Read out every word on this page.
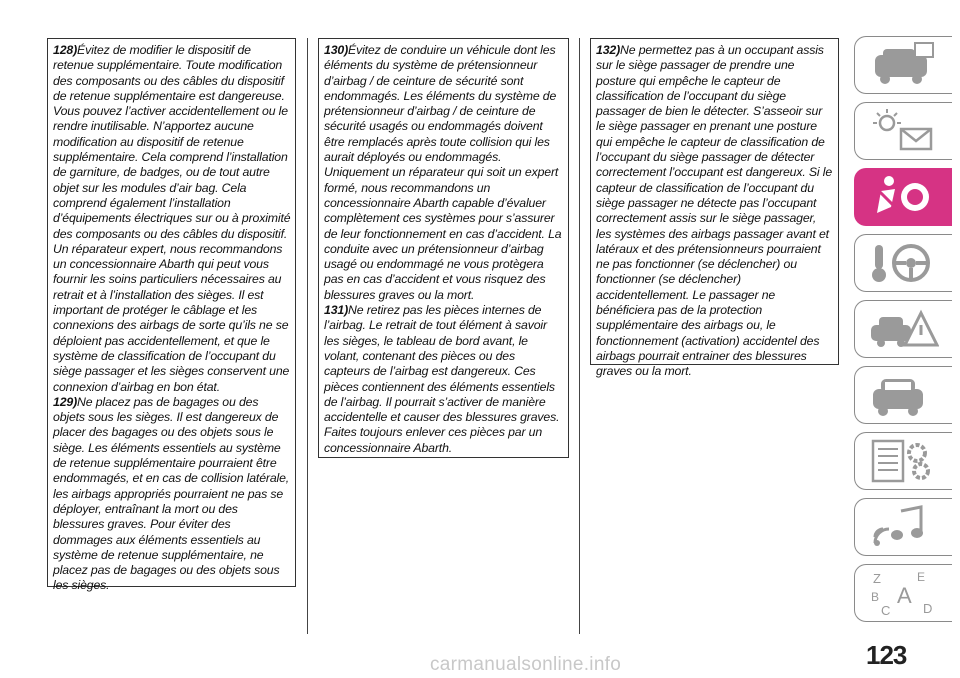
128)Évitez de modifier le dispositif de retenue supplémentaire. Toute modification des composants ou des câbles du dispositif de retenue supplémentaire est dangereuse. Vous pouvez l’activer accidentellement ou le rendre inutilisable. N’apportez aucune modification au dispositif de retenue supplémentaire. Cela comprend l’installation de garniture, de badges, ou de tout autre objet sur les modules d’air bag. Cela comprend également l’installation d’équipements électriques sur ou à proximité des composants ou des câbles du dispositif. Un réparateur expert, nous recommandons un concessionnaire Abarth qui peut vous fournir les soins particuliers nécessaires au retrait et à l’installation des sièges. Il est important de protéger le câblage et les connexions des airbags de sorte qu’ils ne se déploient pas accidentellement, et que le système de classification de l’occupant du siège passager et les sièges conservent une connexion d’airbag en bon état.

129)Ne placez pas de bagages ou des objets sous les sièges. Il est dangereux de placer des bagages ou des objets sous le siège. Les éléments essentiels au système de retenue supplémentaire pourraient être endommagés, et en cas de collision latérale, les airbags appropriés pourraient ne pas se déployer, entraînant la mort ou des blessures graves. Pour éviter des dommages aux éléments essentiels au système de retenue supplémentaire, ne placez pas de bagages ou des objets sous les sièges.

130)Évitez de conduire un véhicule dont les éléments du système de prétensionneur d’airbag / de ceinture de sécurité sont endommagés. Les éléments du système de prétensionneur d’airbag / de ceinture de sécurité usagés ou endommagés doivent être remplacés après toute collision qui les aurait déployés ou endommagés. Uniquement un réparateur qui soit un expert formé, nous recommandons un concessionnaire Abarth capable d’évaluer complètement ces systèmes pour s’assurer de leur fonctionnement en cas d’accident. La conduite avec un prétensionneur d’airbag usagé ou endommagé ne vous protègera pas en cas d’accident et vous risquez des blessures graves ou la mort.

131)Ne retirez pas les pièces internes de l’airbag. Le retrait de tout élément à savoir les sièges, le tableau de bord avant, le volant, contenant des pièces ou des capteurs de l’airbag est dangereux. Ces pièces contiennent des éléments essentiels de l’airbag. Il pourrait s’activer de manière accidentelle et causer des blessures graves. Faites toujours enlever ces pièces par un concessionnaire Abarth.

132)Ne permettez pas à un occupant assis sur le siège passager de prendre une posture qui empêche le capteur de classification de l’occupant du siège passager de bien le détecter. S’asseoir sur le siège passager en prenant une posture qui empêche le capteur de classification de l’occupant du siège passager de détecter correctement l’occupant est dangereux. Si le capteur de classification de l’occupant du siège passager ne détecte pas l’occupant correctement assis sur le siège passager, les systèmes des airbags passager avant et latéraux et des prétensionneurs pourraient ne pas fonctionner (se déclencher) ou fonctionner (se déclencher) accidentellement. Le passager ne bénéficiera pas de la protection supplémentaire des airbags ou, le fonctionnement (activation) accidentel des airbags pourrait entrainer des blessures graves ou la mort.

Z	E
B A
C	D
123
carmanualsonline.info
